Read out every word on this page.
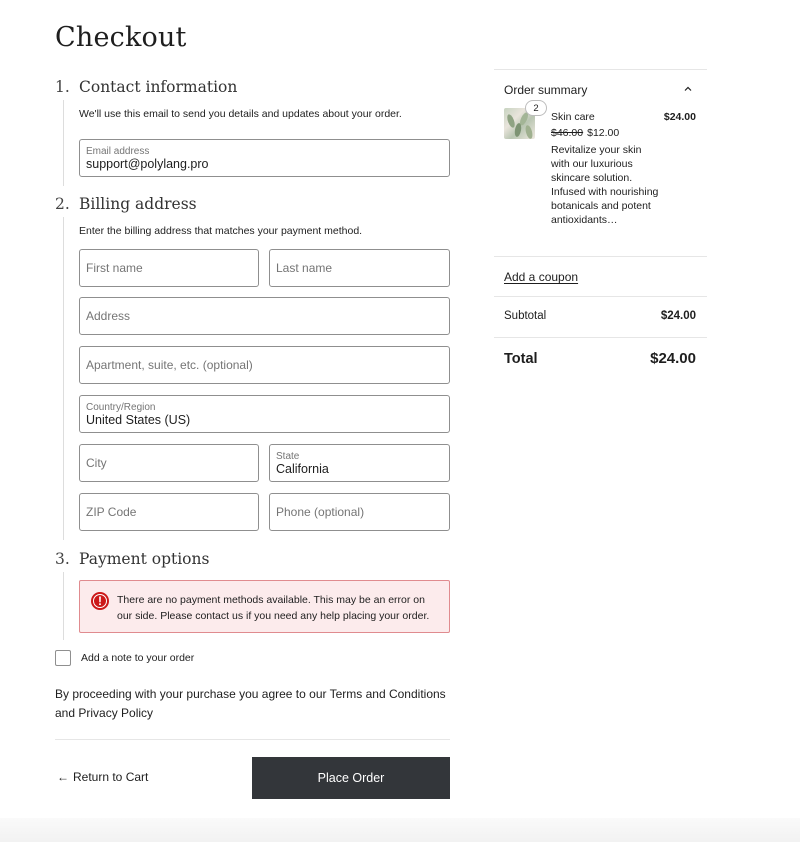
Checkout
1. Contact information
We'll use this email to send you details and updates about your order.
Email address
support@polylang.pro
2. Billing address
Enter the billing address that matches your payment method.
First name	Last name
Address
Apartment, suite, etc. (optional)
Country/Region
United States (US)
City	State
California
ZIP Code	Phone (optional)
3. Payment options
!	There are no payment methods available. This may be an error on our side. Please contact us if you need any help placing your order.
Add a note to your order
By proceeding with your purchase you agree to our Terms and Conditions and Privacy Policy
← Return to Cart	Place Order
Order summary
2
Skin care
$46.00 $12.00
Revitalize your skin with our luxurious skincare solution. Infused with nourishing botanicals and potent antioxidants…
$24.00
Add a coupon
Subtotal	$24.00
Total	$24.00
